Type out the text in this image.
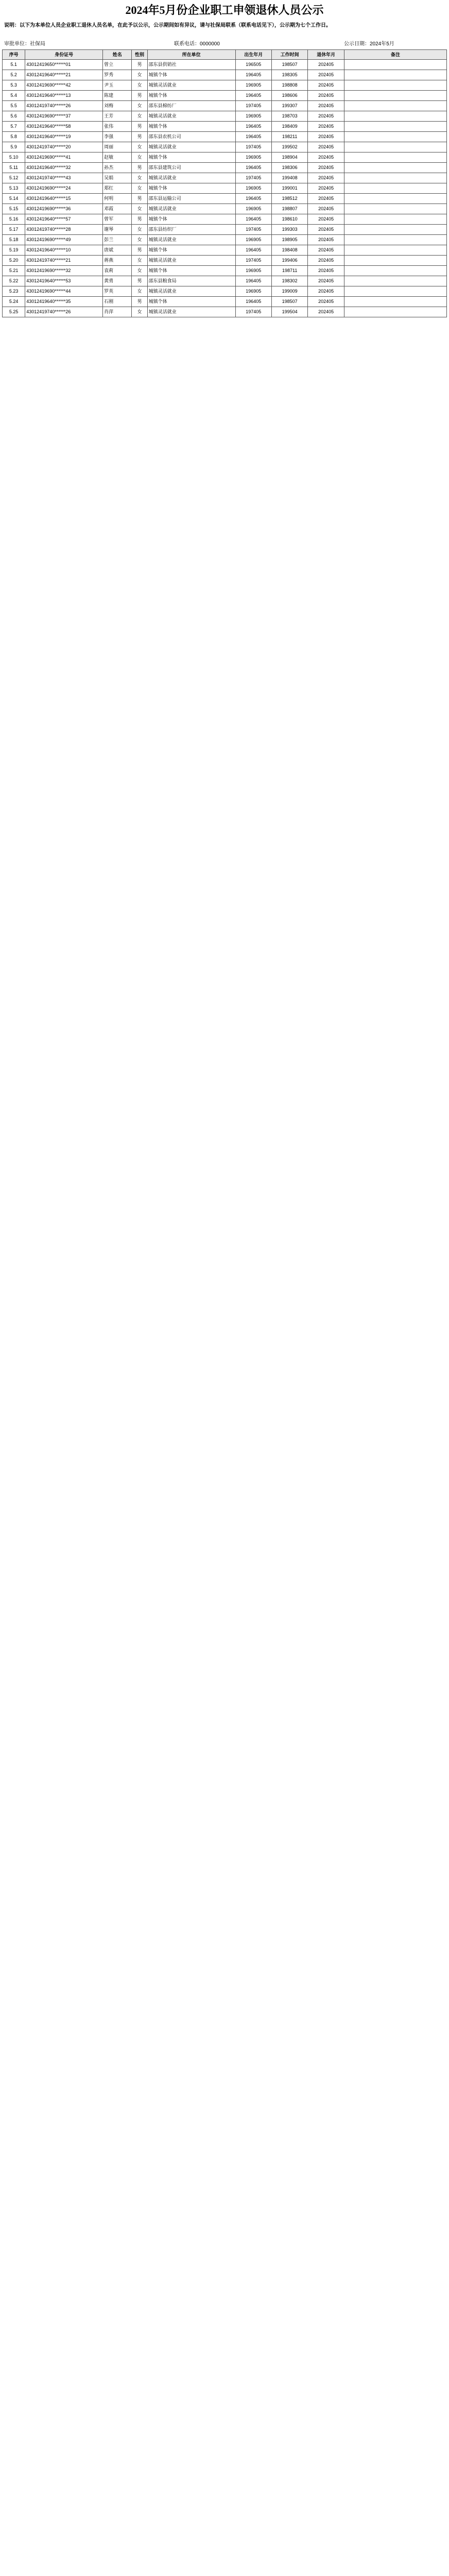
2024年5月份企业职工申领退休人员公示
说明：以下为本单位人员企业职工退休人员名单，在此予以公示，公示期间如有异议，请与社保局联系（联系电话见下），公示期为七个工作日。
审批单位：社保局	联系电话：0000000	公示日期：2024年5月
序号	身份证号	姓名	性别	所在单位	出生年月	工作时间	退休年月	备注
5.1	43012419650******01	曾立	男	邵东县供销社	196505	198507	202405	
5.2	43012419640******21	罗秀	女	城镇个体	196405	198305	202405	
5.3	43012419690******42	尹玉	女	城镇灵活就业	196905	198808	202405	
5.4	43012419640******13	陈建	男	城镇个体	196405	198606	202405	
5.5	43012419740******26	刘梅	女	邵东县棉纺厂	197405	199307	202405	
5.6	43012419690******37	王芳	女	城镇灵活就业	196905	198703	202405	
5.7	43012419640******58	张伟	男	城镇个体	196405	198409	202405	
5.8	43012419640******19	李强	男	邵东县农机公司	196405	198211	202405	
5.9	43012419740******20	周丽	女	城镇灵活就业	197405	199502	202405	
5.10	43012419690******41	赵敏	女	城镇个体	196905	198904	202405	
5.11	43012419640******32	孙杰	男	邵东县建筑公司	196405	198306	202405	
5.12	43012419740******43	吴娟	女	城镇灵活就业	197405	199408	202405	
5.13	43012419690******24	郑红	女	城镇个体	196905	199001	202405	
5.14	43012419640******15	何明	男	邵东县运输公司	196405	198512	202405	
5.15	43012419690******36	邓霞	女	城镇灵活就业	196905	198807	202405	
5.16	43012419640******57	曾军	男	城镇个体	196405	198610	202405	
5.17	43012419740******28	谢琴	女	邵东县纺织厂	197405	199303	202405	
5.18	43012419690******49	彭兰	女	城镇灵活就业	196905	198905	202405	
5.19	43012419640******10	唐斌	男	城镇个体	196405	198408	202405	
5.20	43012419740******21	蒋燕	女	城镇灵活就业	197405	199406	202405	
5.21	43012419690******32	袁莉	女	城镇个体	196905	198711	202405	
5.22	43012419640******53	黄勇	男	邵东县粮食局	196405	198302	202405	
5.23	43012419690******44	罗英	女	城镇灵活就业	196905	199009	202405	
5.24	43012419640******35	石刚	男	城镇个体	196405	198507	202405	
5.25	43012419740******26	肖萍	女	城镇灵活就业	197405	199504	202405	
